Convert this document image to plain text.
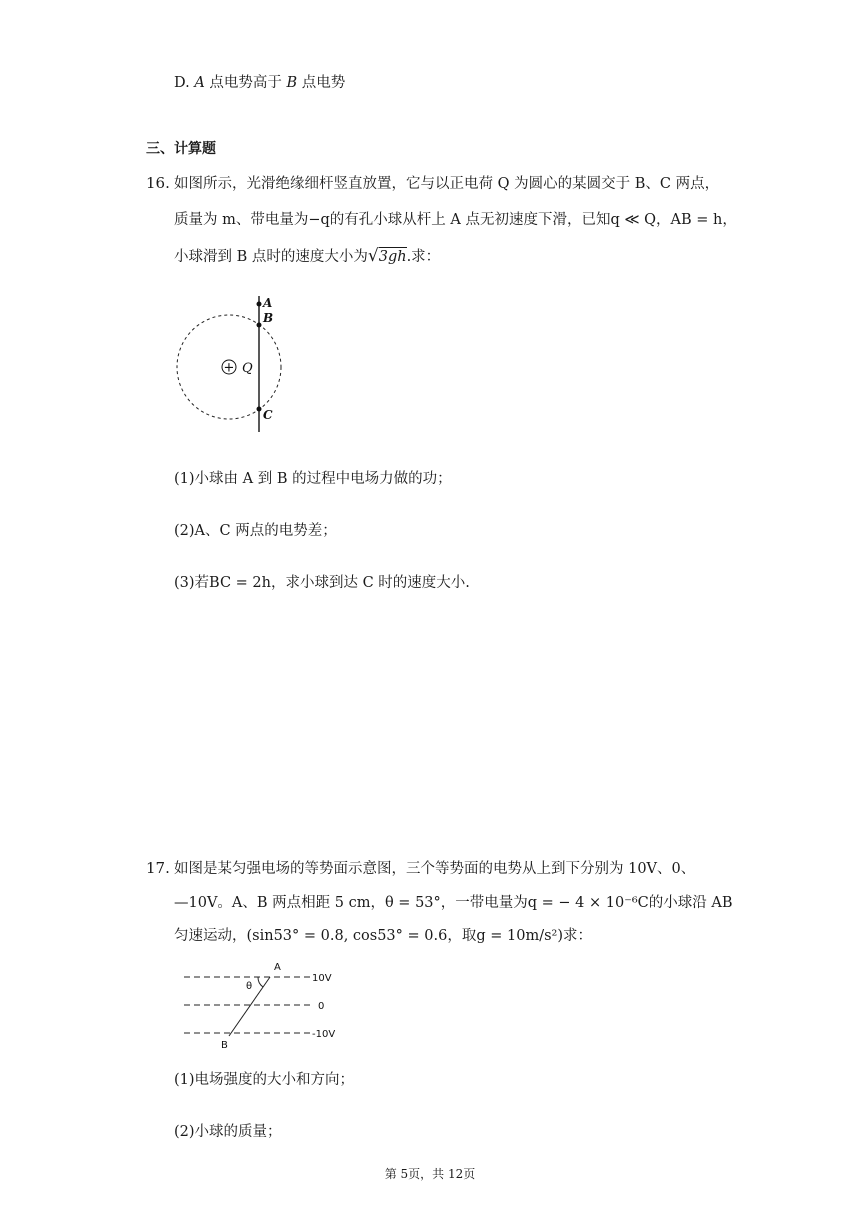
D. A 点电势高于 B 点电势
三、计算题
16. 如图所示，光滑绝缘细杆竖直放置，它与以正电荷 Q 为圆心的某圆交于 B、C 两点，
质量为 m、带电量为−q的有孔小球从杆上 A 点无初速度下滑，已知q ≪ Q，AB = h，
小球滑到 B 点时的速度大小为√3gh.求：
+ Q
A
B
C
(1)小球由 A 到 B 的过程中电场力做的功；
(2)A、C 两点的电势差；
(3)若BC = 2h，求小球到达 C 时的速度大小.
17. 如图是某匀强电场的等势面示意图，三个等势面的电势从上到下分别为 10V、0、
—10V。A、B 两点相距 5 cm，θ = 53°，一带电量为q = − 4 × 10⁻⁶C的小球沿 AB
匀速运动，(sin53° = 0.8, cos53° = 0.6，取g = 10m/s²)求：
θ
A
B
10V
0
-10V
(1)电场强度的大小和方向；
(2)小球的质量；
第 5页，共 12页
